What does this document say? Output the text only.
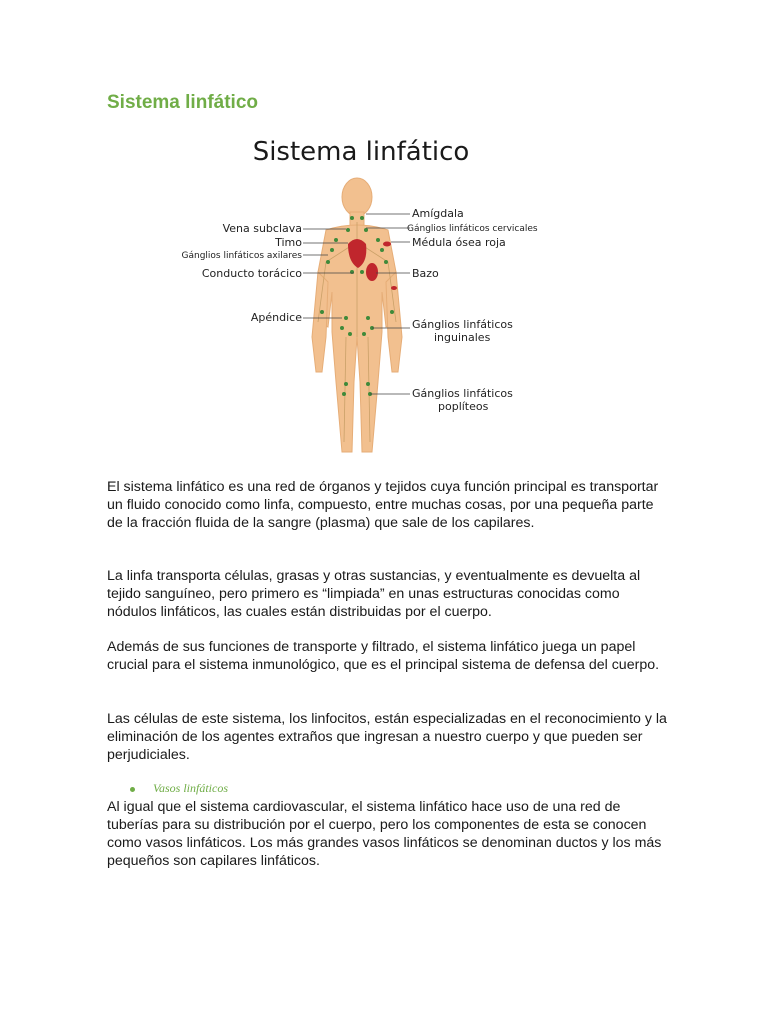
Sistema linfático
Sistema linfático
Vena subclava
Timo
Gánglios linfáticos axilares
Conducto torácico
Apéndice
Amígdala
Gánglios linfáticos cervicales
Médula ósea roja
Bazo
Gánglios linfáticos
inguinales
Gánglios linfáticos
poplíteos

El sistema linfático es una red de órganos y tejidos cuya función principal es transportar un fluido conocido como linfa, compuesto, entre muchas cosas, por una pequeña parte de la fracción fluida de la sangre (plasma) que sale de los capilares.

La linfa transporta células, grasas y otras sustancias, y eventualmente es devuelta al tejido sanguíneo, pero primero es “limpiada” en unas estructuras conocidas como nódulos linfáticos, las cuales están distribuidas por el cuerpo.

Además de sus funciones de transporte y filtrado, el sistema linfático juega un papel crucial para el sistema inmunológico, que es el principal sistema de defensa del cuerpo.

Las células de este sistema, los linfocitos, están especializadas en el reconocimiento y la eliminación de los agentes extraños que ingresan a nuestro cuerpo y que pueden ser perjudiciales.

Vasos linfáticos

Al igual que el sistema cardiovascular, el sistema linfático hace uso de una red de tuberías para su distribución por el cuerpo, pero los componentes de esta se conocen como vasos linfáticos. Los más grandes vasos linfáticos se denominan ductos y los más pequeños son capilares linfáticos.
